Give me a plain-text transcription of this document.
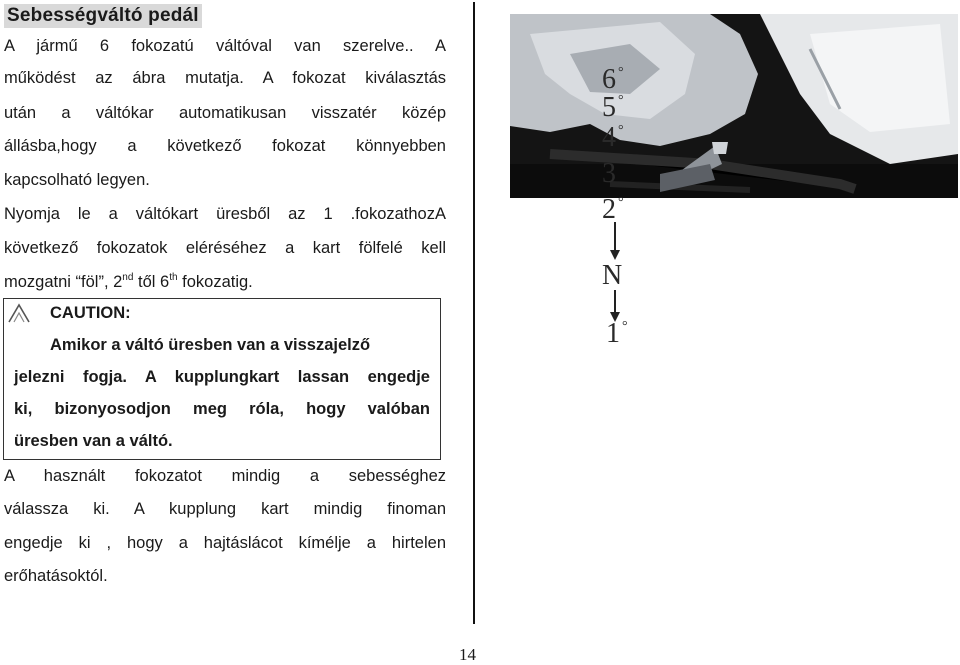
Sebességváltó pedál
A jármű 6 fokozatú váltóval van szerelve.. A
működést az ábra mutatja. A fokozat kiválasztás
után a váltókar automatikusan visszatér közép
állásba,hogy a következő fokozat könnyebben
kapcsolható legyen.
Nyomja le a váltókart üresből az 1 .fokozathozA
következő fokozatok eléréséhez a kart fölfelé kell
mozgatni “föl”, 2nd től 6th fokozatig.
CAUTION:
Amikor a váltó üresben van a visszajelző
jelezni fogja. A kupplungkart lassan engedje
ki, bizonyosodjon meg róla, hogy valóban
üresben van a váltó.
A használt fokozatot mindig a sebességhez
válassza ki. A kupplung kart mindig finoman
engedje ki , hogy a hajtáslácot kímélje a hirtelen
erőhatásoktól.
6 °
5 °
4 °
3
2 °
N
1 °
14
